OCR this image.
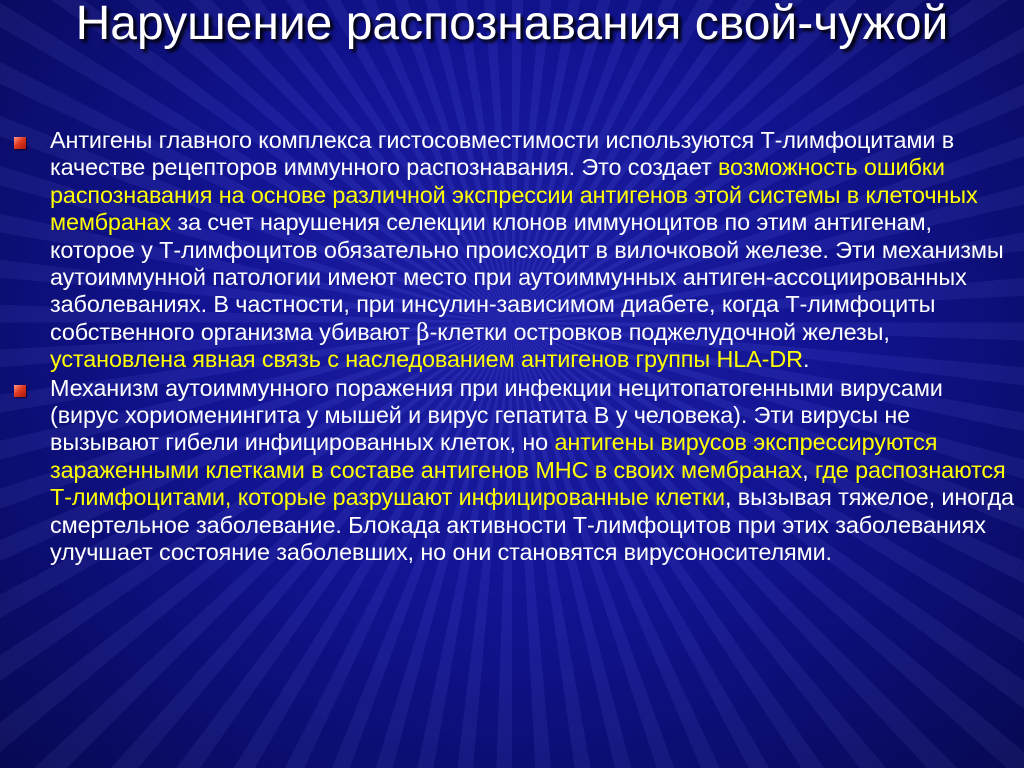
Нарушение распознавания свой-чужой
Антигены главного комплекса гистосовместимости используются Т-лимфоцитами в качестве рецепторов иммунного распознавания. Это создает возможность ошибки распознавания на основе различной экспрессии антигенов этой системы в клеточных мембранах за счет нарушения селекции клонов иммуноцитов по этим антигенам, которое у Т-лимфоцитов обязательно происходит в вилочковой железе. Эти механизмы аутоиммунной патологии имеют место при аутоиммунных антиген-ассоциированных заболеваниях. В частности, при инсулин-зависимом диабете, когда Т-лимфоциты собственного организма убивают β-клетки островков поджелудочной железы, установлена явная связь с наследованием антигенов группы HLA-DR.
Механизм аутоиммунного поражения при инфекции нецитопатогенными вирусами (вирус хориоменингита у мышей и вирус гепатита В у человека). Эти вирусы не вызывают гибели инфицированных клеток, но антигены вирусов экспрессируются зараженными клетками в составе антигенов МНС в своих мембранах, где распознаются Т-лимфоцитами, которые разрушают инфицированные клетки, вызывая тяжелое, иногда смертельное заболевание. Блокада активности Т-лимфоцитов при этих заболеваниях улучшает состояние заболевших, но они становятся вирусоносителями.
